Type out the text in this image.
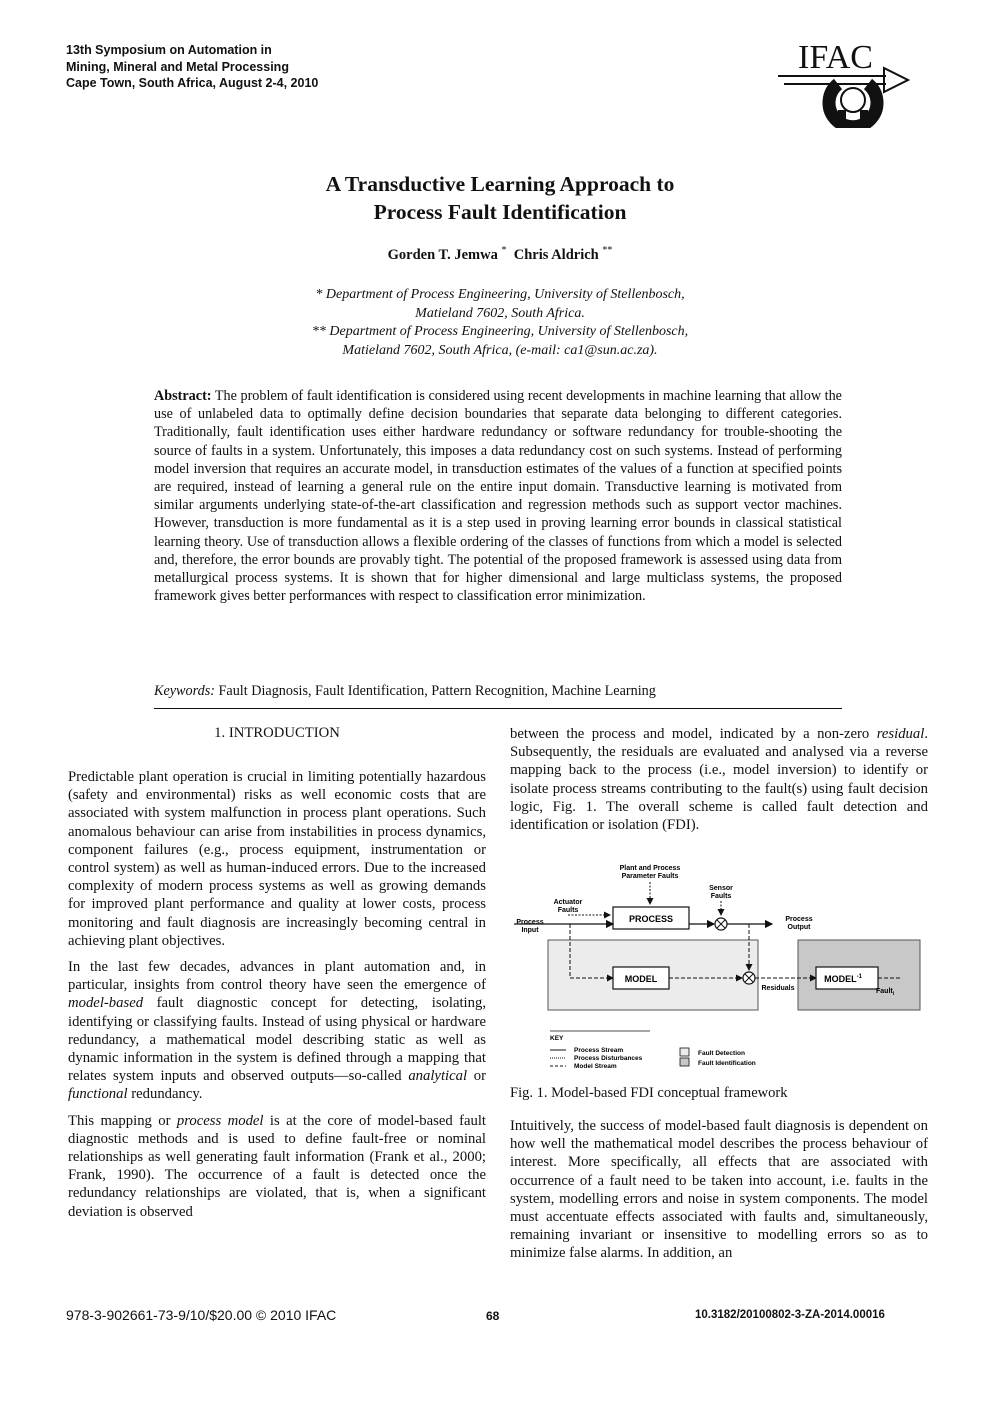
13th Symposium on Automation in
Mining, Mineral and Metal Processing
Cape Town, South Africa, August 2-4, 2010
IFAC
A Transductive Learning Approach to
Process Fault Identification
Gorden T. Jemwa * Chris Aldrich **
* Department of Process Engineering, University of Stellenbosch,
Matieland 7602, South Africa.
** Department of Process Engineering, University of Stellenbosch,
Matieland 7602, South Africa, (e-mail: ca1@sun.ac.za).
Abstract: The problem of fault identification is considered using recent developments in machine learning that allow the use of unlabeled data to optimally define decision boundaries that separate data belonging to different categories. Traditionally, fault identification uses either hardware redundancy or software redundancy for trouble-shooting the source of faults in a system. Unfortunately, this imposes a data redundancy cost on such systems. Instead of performing model inversion that requires an accurate model, in transduction estimates of the values of a function at specified points are required, instead of learning a general rule on the entire input domain. Transductive learning is motivated from similar arguments underlying state-of-the-art classification and regression methods such as support vector machines. However, transduction is more fundamental as it is a step used in proving learning error bounds in classical statistical learning theory. Use of transduction allows a flexible ordering of the classes of functions from which a model is selected and, therefore, the error bounds are provably tight. The potential of the proposed framework is assessed using data from metallurgical process systems. It is shown that for higher dimensional and large multiclass systems, the proposed framework gives better performances with respect to classification error minimization.
Keywords: Fault Diagnosis, Fault Identification, Pattern Recognition, Machine Learning
1. INTRODUCTION

Predictable plant operation is crucial in limiting potentially hazardous (safety and environmental) risks as well economic costs that are associated with system malfunction in process plant operations. Such anomalous behaviour can arise from instabilities in process dynamics, component failures (e.g., process equipment, instrumentation or control system) as well as human-induced errors. Due to the increased complexity of modern process systems as well as growing demands for improved plant performance and quality at lower costs, process monitoring and fault diagnosis are increasingly becoming central in achieving plant objectives.

In the last few decades, advances in plant automation and, in particular, insights from control theory have seen the emergence of model-based fault diagnostic concept for detecting, isolating, identifying or classifying faults. Instead of using physical or hardware redundancy, a mathematical model describing static as well as dynamic information in the system is defined through a mapping that relates system inputs and observed outputs—so-called analytical or functional redundancy.

This mapping or process model is at the core of model-based fault diagnostic methods and is used to define fault-free or nominal relationships as well generating fault information (Frank et al., 2000; Frank, 1990). The occurrence of a fault is detected once the redundancy relationships are violated, that is, when a significant deviation is observed

between the process and model, indicated by a non-zero residual. Subsequently, the residuals are evaluated and analysed via a reverse mapping back to the process (i.e., model inversion) to identify or isolate process streams contributing to the fault(s) using fault decision logic, Fig. 1. The overall scheme is called fault detection and identification or isolation (FDI).

Plant and Process
Parameter Faults
Actuator
Faults
Sensor
Faults
Process
Input
PROCESS	Process
Output
MODEL
Residuals
$MODEL^{-1}$
Fault$_i$
KEY
Process Stream
Process Disturbances
Model Stream
Fault Detection
Fault Identification
Fig. 1. Model-based FDI conceptual framework

Intuitively, the success of model-based fault diagnosis is dependent on how well the mathematical model describes the process behaviour of interest. More specifically, all effects that are associated with occurrence of a fault need to be taken into account, i.e. faults in the system, modelling errors and noise in system components. The model must accentuate effects associated with faults and, simultaneously, remaining invariant or insensitive to modelling errors so as to minimize false alarms. In addition, an

978-3-902661-73-9/10/$20.00 © 2010 IFAC	68	10.3182/20100802-3-ZA-2014.00016
